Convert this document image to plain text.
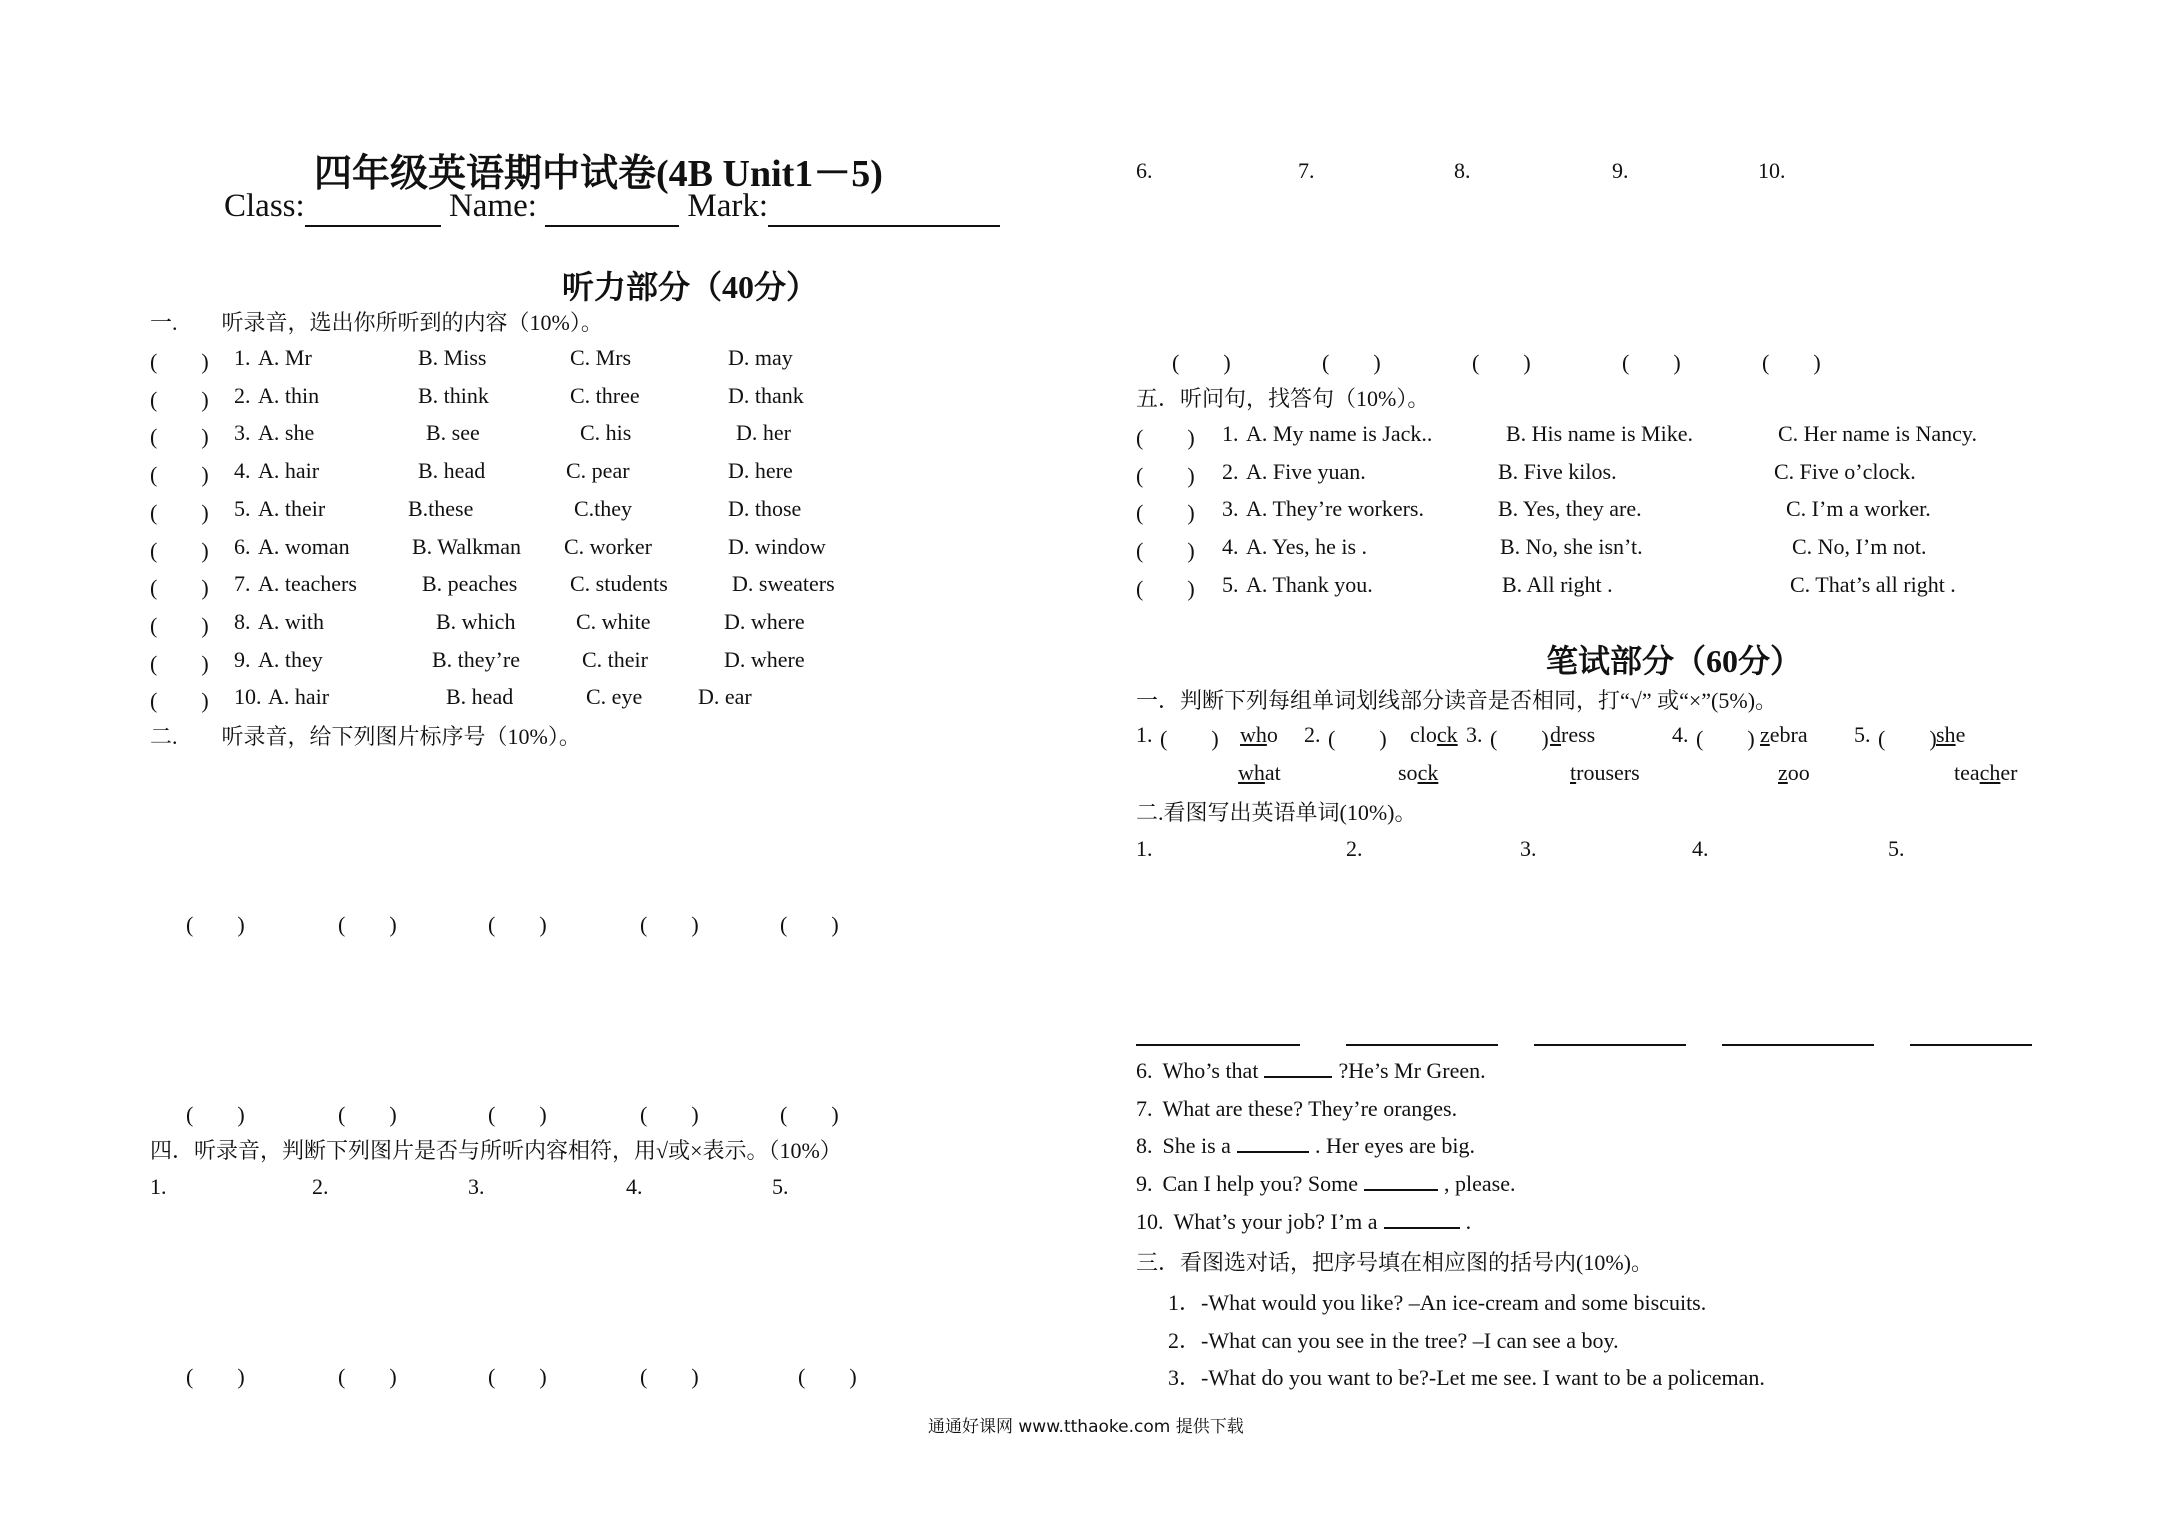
四年级英语期中试卷(4B Unit1－5)
Class:	Name:	Mark:
听力部分（40分）
一.　　听录音，选出你所听到的内容（10%）。
(　　) 1. A. Mr	B. Miss	C. Mrs	D. may
(　　) 2. A. thin	B. think	C. three	D. thank
(　　) 3. A. she	B. see	C. his	D. her
(　　) 4. A. hair	B. head	C. pear	D. here
(　　) 5. A. their	B.these	C.they	D. those
(　　) 6. A. woman	B. Walkman C. worker	D. window
(　　) 7. A. teachers	B. peaches C. students	D. sweaters
(　　) 8. A. with	B. which	C. white	D. where
(　　) 9. A. they	B. they’re	C. their	D. where
(　　) 10. A. hair	B. head	C. eye	D. ear
二.　　听录音，给下列图片标序号（10%）。
(　　)	(　　)	(　　)	(　　)	(　　)
(　　)	(　　)	(　　)	(　　)	(　　)
四．听录音，判断下列图片是否与所听内容相符，用√或×表示。（10%）
1.	2.	3.	4.	5.
(　　)	(　　)	(　　)	(　　)	(　　)
6.	7.	8.	9.	10.
(　　)	(　　)	(　　)	(　　)	(　　)
五．听问句，找答句（10%）。
(　　) 1. A. My name is Jack..	B. His name is Mike.	C. Her name is Nancy.
(　　) 2. A. Five yuan.	B. Five kilos.	C. Five o’clock.
(　　) 3. A. They’re workers.	B. Yes, they are.	C. I’m a worker.
(　　) 4. A. Yes, he is .	B. No, she isn’t.	C. No, I’m not.
(　　) 5. A. Thank you.	B. All right .	C. That’s all right .
笔试部分（60分）
一．判断下列每组单词划线部分读音是否相同，打“√” 或“×”(5%)。
1. (　　) who
what
2. (　　) clock
sock
3. (　　) dress
trousers
4. (　　) zebra
zoo
5. (　　) she
teacher
二.看图写出英语单词(10%)。
1.	2.	3.	4.	5.
6. Who’s that	?He’s Mr Green.
7. What are these? They’re oranges.
8. She is a	. Her eyes are big.
9. Can I help you? Some	, please.
10. What’s your job? I’m a	.
三．看图选对话，把序号填在相应图的括号内(10%)。
1．-What would you like? –An ice-cream and some biscuits.
2．-What can you see in the tree? –I can see a boy.
3．-What do you want to be?-Let me see. I want to be a policeman.
通通好课网 www.tthaoke.com 提供下载
